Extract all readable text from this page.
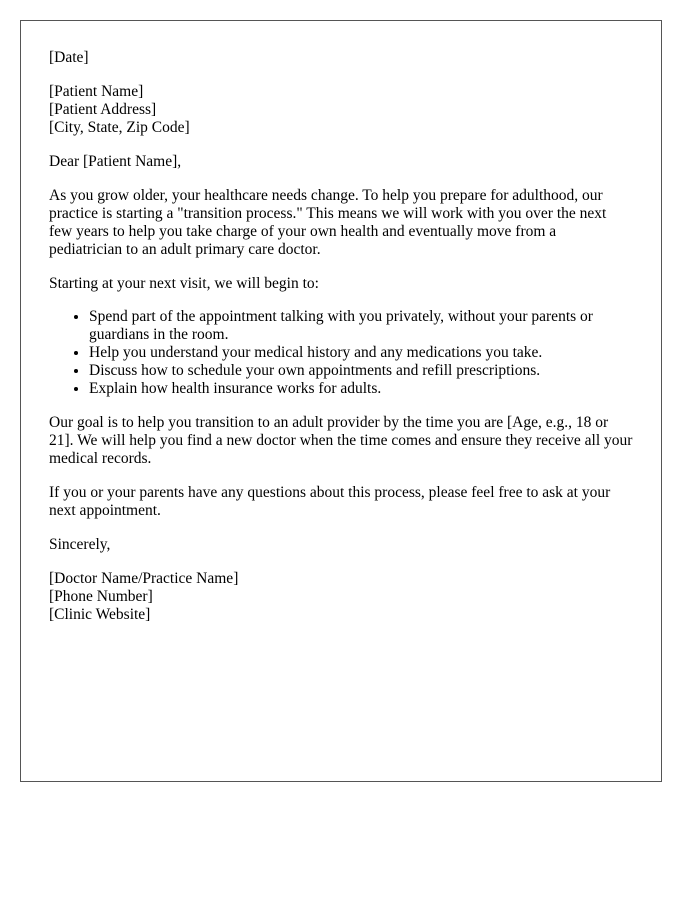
[Date]
[Patient Name]
[Patient Address]
[City, State, Zip Code]

Dear [Patient Name],

As you grow older, your healthcare needs change. To help you prepare for adulthood, our practice is starting a "transition process." This means we will work with you over the next few years to help you take charge of your own health and eventually move from a pediatrician to an adult primary care doctor.

Starting at your next visit, we will begin to:

• Spend part of the appointment talking with you privately, without your parents or guardians in the room.
• Help you understand your medical history and any medications you take.
• Discuss how to schedule your own appointments and refill prescriptions.
• Explain how health insurance works for adults.

Our goal is to help you transition to an adult provider by the time you are [Age, e.g., 18 or 21]. We will help you find a new doctor when the time comes and ensure they receive all your medical records.

If you or your parents have any questions about this process, please feel free to ask at your next appointment.

Sincerely,

[Doctor Name/Practice Name]
[Phone Number]
[Clinic Website]
